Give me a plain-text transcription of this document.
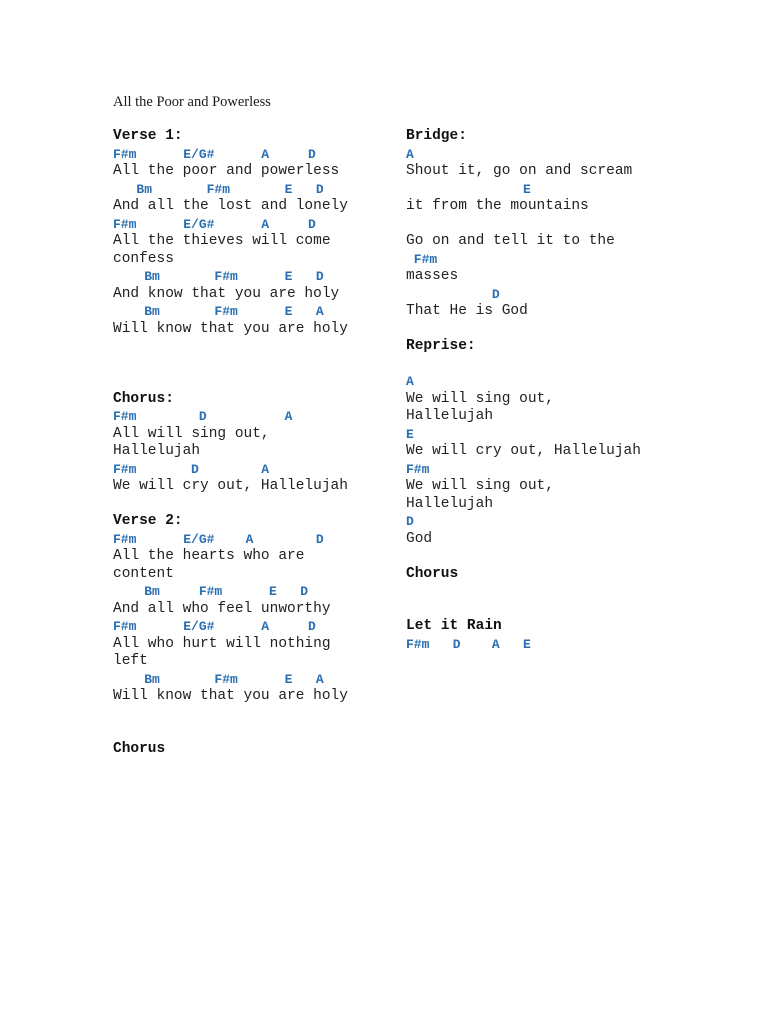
All the Poor and Powerless
Verse 1:
F#m      E/G#      A     D
All the poor and powerless
Bm       F#m       E   D
And all the lost and lonely
F#m      E/G#      A     D
All the thieves will come
confess
Bm       F#m      E   D
And know that you are holy
Bm       F#m      E   A
Will know that you are holy
Chorus:
F#m        D          A
All will sing out,
Hallelujah
F#m       D        A
We will cry out, Hallelujah
Verse 2:
F#m      E/G#    A        D
All the hearts who are
content
Bm     F#m      E   D
And all who feel unworthy
F#m      E/G#      A     D
All who hurt will nothing
left
Bm       F#m      E   A
Will know that you are holy
Chorus
Bridge:
A
Shout it, go on and scream
E
it from the mountains
Go on and tell it to the
F#m
masses
D
That He is God
Reprise:
A
We will sing out,
Hallelujah
E
We will cry out, Hallelujah
F#m
We will sing out,
Hallelujah
D
God
Chorus
Let it Rain
F#m   D    A   E
